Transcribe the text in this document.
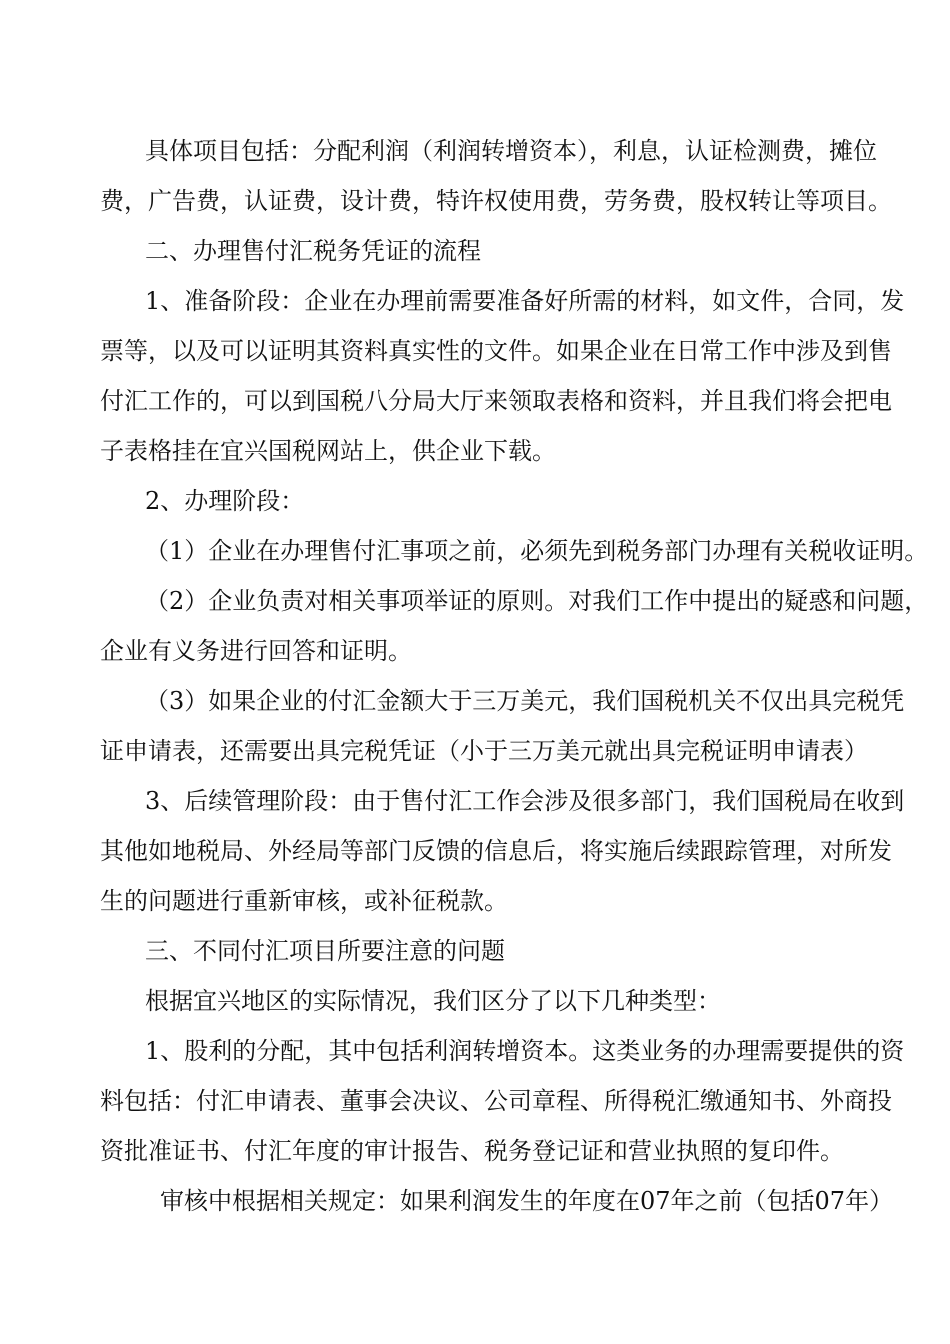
具体项目包括：分配利润（利润转增资本），利息，认证检测费，摊位
费，广告费，认证费，设计费，特许权使用费，劳务费，股权转让等项目。
二、办理售付汇税务凭证的流程
1、准备阶段：企业在办理前需要准备好所需的材料，如文件，合同，发
票等，以及可以证明其资料真实性的文件。如果企业在日常工作中涉及到售
付汇工作的，可以到国税八分局大厅来领取表格和资料，并且我们将会把电
子表格挂在宜兴国税网站上，供企业下载。
2、办理阶段：
（1）企业在办理售付汇事项之前，必须先到税务部门办理有关税收证明。
（2）企业负责对相关事项举证的原则。对我们工作中提出的疑惑和问题，
企业有义务进行回答和证明。
（3）如果企业的付汇金额大于三万美元，我们国税机关不仅出具完税凭
证申请表，还需要出具完税凭证（小于三万美元就出具完税证明申请表）
3、后续管理阶段：由于售付汇工作会涉及很多部门，我们国税局在收到
其他如地税局、外经局等部门反馈的信息后，将实施后续跟踪管理，对所发
生的问题进行重新审核，或补征税款。
三、不同付汇项目所要注意的问题
根据宜兴地区的实际情况，我们区分了以下几种类型：
1、股利的分配，其中包括利润转增资本。这类业务的办理需要提供的资
料包括：付汇申请表、董事会决议、公司章程、所得税汇缴通知书、外商投
资批准证书、付汇年度的审计报告、税务登记证和营业执照的复印件。
审核中根据相关规定：如果利润发生的年度在07年之前（包括07年）
